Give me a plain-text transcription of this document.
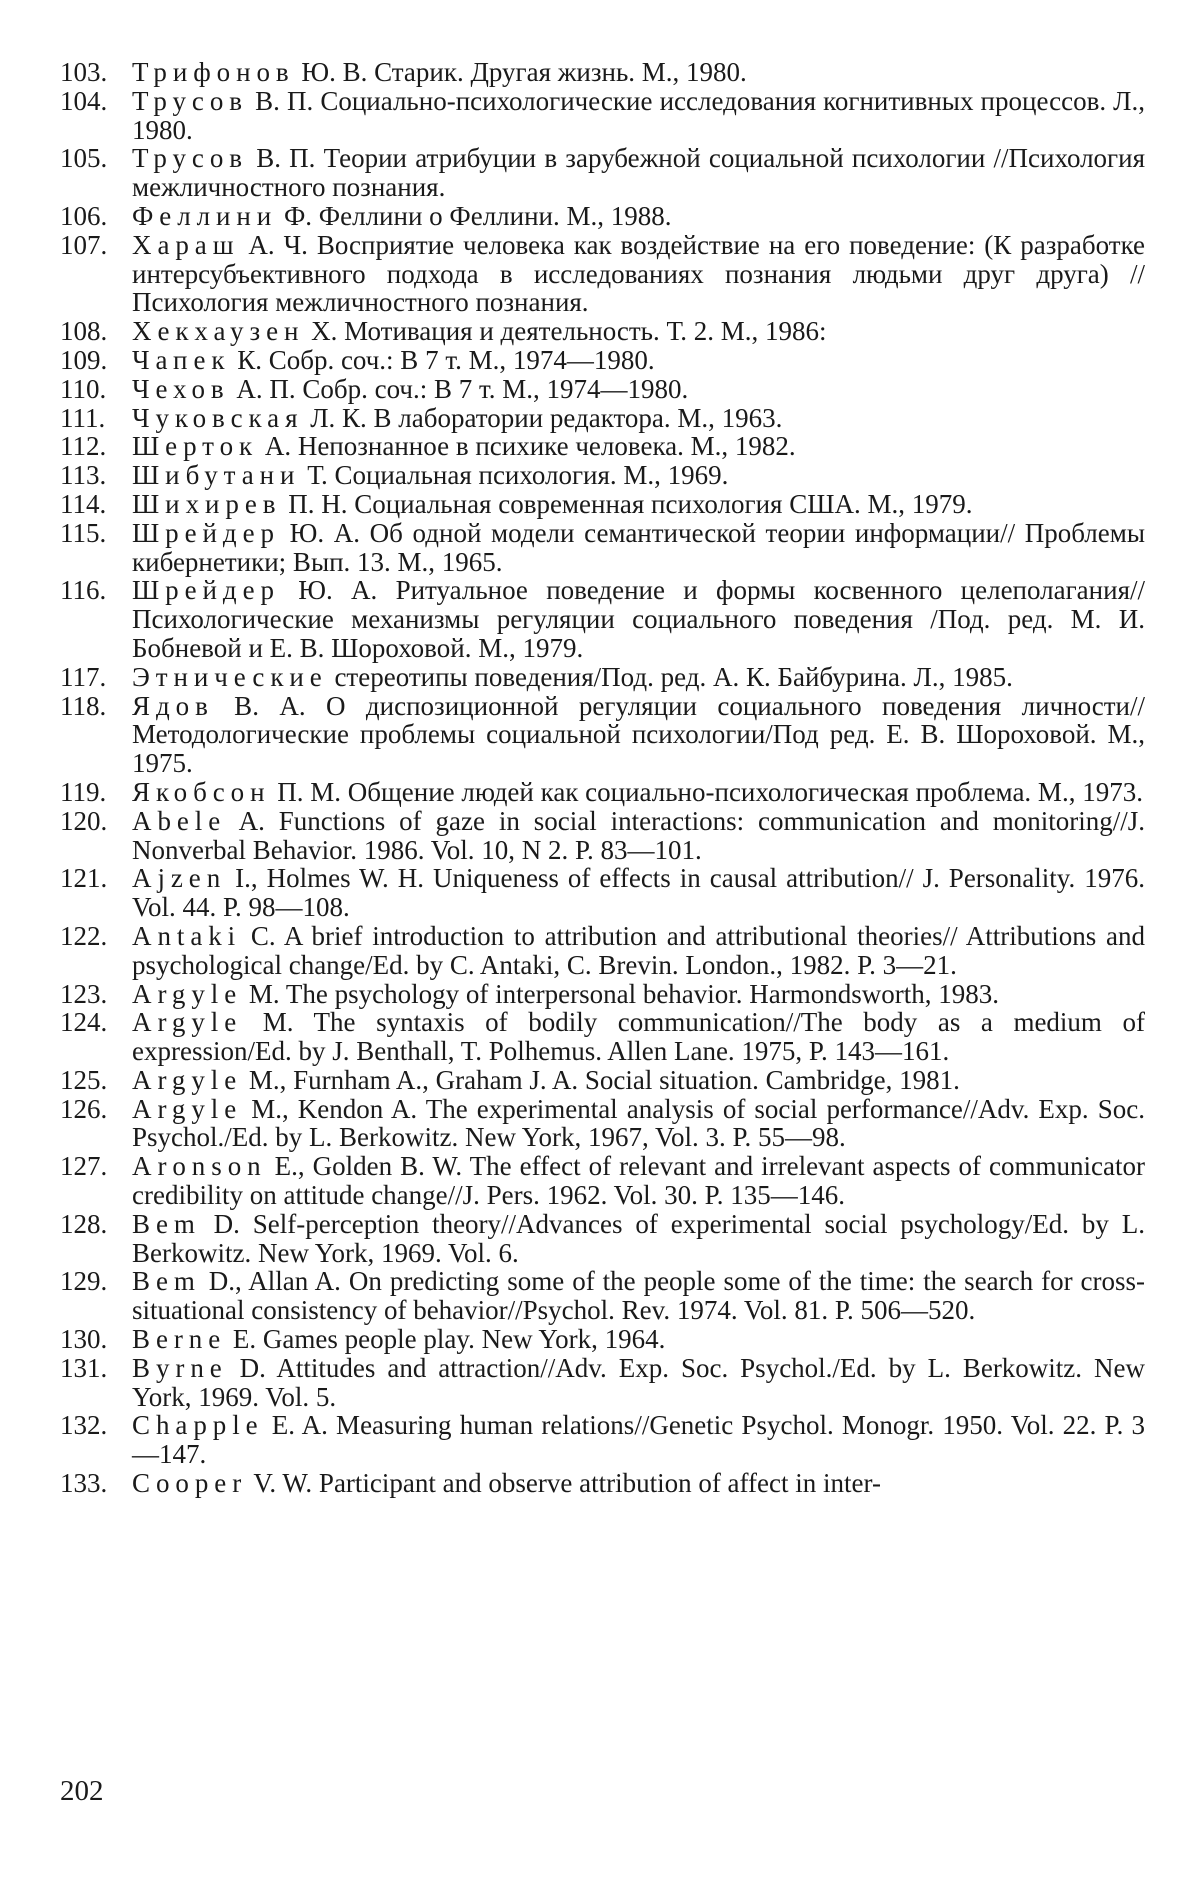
103. Трифонов Ю. В. Старик. Другая жизнь. М., 1980.
104. Трусов В. П. Социально-психологические исследования когнитивных процессов. Л., 1980.
105. Трусов В. П. Теории атрибуции в зарубежной социальной психологии //Психология межличностного познания.
106. Феллини Ф. Феллини о Феллини. М., 1988.
107. Хараш А. Ч. Восприятие человека как воздействие на его поведение: (К разработке интерсубъективного подхода в исследованиях познания людьми друг друга) //Психология межличностного познания.
108. Хекхаузен Х. Мотивация и деятельность. Т. 2. М., 1986:
109. Чапек К. Собр. соч.: В 7 т. М., 1974—1980.
110. Чехов А. П. Собр. соч.: В 7 т. М., 1974—1980.
111. Чуковская Л. К. В лаборатории редактора. М., 1963.
112. Шерток А. Непознанное в психике человека. М., 1982.
113. Шибутани Т. Социальная психология. М., 1969.
114. Шихирев П. Н. Социальная современная психология США. М., 1979.
115. Шрейдер Ю. А. Об одной модели семантической теории информации// Проблемы кибернетики; Вып. 13. М., 1965.
116. Шрейдер Ю. А. Ритуальное поведение и формы косвенного целеполагания//Психологические механизмы регуляции социального поведения /Под. ред. М. И. Бобневой и Е. В. Шороховой. М., 1979.
117. Этнические стереотипы поведения/Под. ред. А. К. Байбурина. Л., 1985.
118. Ядов В. А. О диспозиционной регуляции социального поведения личности//Методологические проблемы социальной психологии/Под ред. Е. В. Шороховой. М., 1975.
119. Якобсон П. М. Общение людей как социально-психологическая проблема. М., 1973.
120. Abele A. Functions of gaze in social interactions: communication and monitoring//J. Nonverbal Behavior. 1986. Vol. 10, N 2. P. 83—101.
121. Ajzen I., Holmes W. H. Uniqueness of effects in causal attribution// J. Personality. 1976. Vol. 44. P. 98—108.
122. Antaki C. A brief introduction to attribution and attributional theories// Attributions and psychological change/Ed. by C. Antaki, C. Brevin. London., 1982. P. 3—21.
123. Argyle M. The psychology of interpersonal behavior. Harmondsworth, 1983.
124. Argyle M. The syntaxis of bodily communication//The body as a medium of expression/Ed. by J. Benthall, T. Polhemus. Allen Lane. 1975, P. 143—161.
125. Argyle M., Furnham A., Graham J. A. Social situation. Cambridge, 1981.
126. Argyle M., Kendon A. The experimental analysis of social performance//Adv. Exp. Soc. Psychol./Ed. by L. Berkowitz. New York, 1967, Vol. 3. P. 55—98.
127. Aronson E., Golden B. W. The effect of relevant and irrelevant aspects of communicator credibility on attitude change//J. Pers. 1962. Vol. 30. P. 135—146.
128. Bem D. Self-perception theory//Advances of experimental social psychology/Ed. by L. Berkowitz. New York, 1969. Vol. 6.
129. Bem D., Allan A. On predicting some of the people some of the time: the search for cross-situational consistency of behavior//Psychol. Rev. 1974. Vol. 81. P. 506—520.
130. Berne E. Games people play. New York, 1964.
131. Byrne D. Attitudes and attraction//Adv. Exp. Soc. Psychol./Ed. by L. Berkowitz. New York, 1969. Vol. 5.
132. Chapple E. A. Measuring human relations//Genetic Psychol. Monogr. 1950. Vol. 22. P. 3—147.
133. Cooper V. W. Participant and observe attribution of affect in inter-
202
